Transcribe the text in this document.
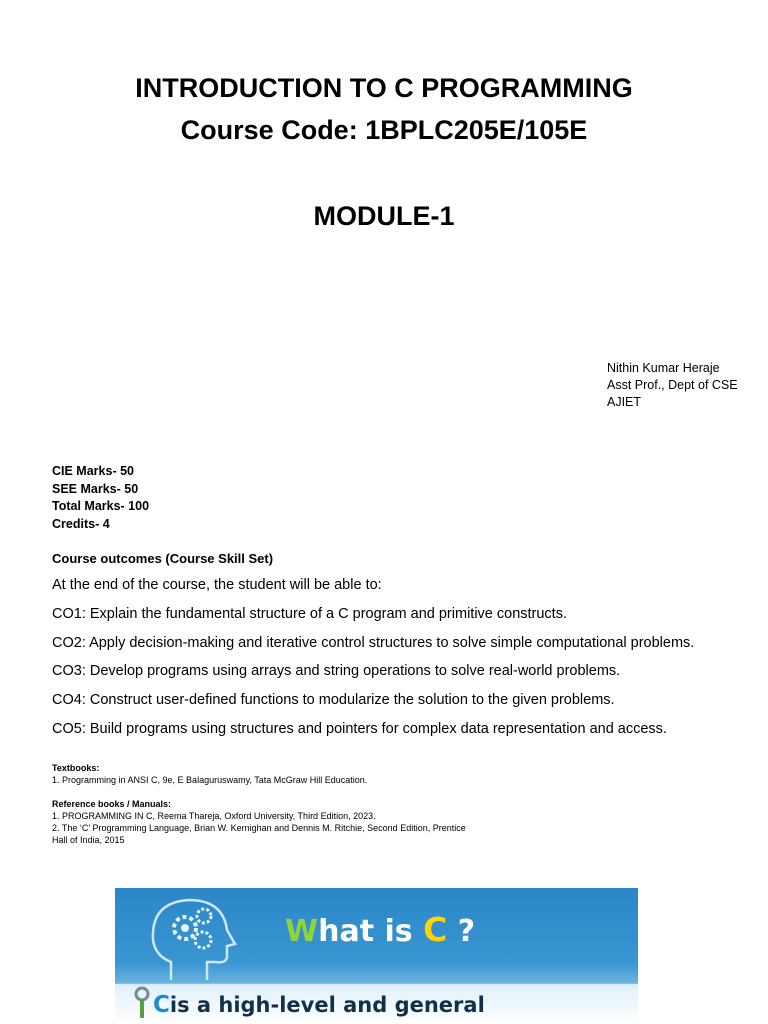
INTRODUCTION TO C PROGRAMMING
Course Code: 1BPLC205E/105E
MODULE-1
Nithin Kumar Heraje
Asst Prof., Dept of CSE
AJIET
CIE Marks- 50
SEE Marks- 50
Total Marks- 100
Credits- 4
Course outcomes (Course Skill Set)
At the end of the course, the student will be able to:
CO1: Explain the fundamental structure of a C program and primitive constructs.
CO2: Apply decision-making and iterative control structures to solve simple computational problems.
CO3: Develop programs using arrays and string operations to solve real-world problems.
CO4: Construct user-defined functions to modularize the solution to the given problems.
CO5: Build programs using structures and pointers for complex data representation and access.
Textbooks:
1. Programming in ANSI C, 9e, E Balaguruswamy, Tata McGraw Hill Education.
Reference books / Manuals:
1. PROGRAMMING IN C, Reema Thareja, Oxford University, Third Edition, 2023.
2. The ‘C’ Programming Language, Brian W. Kernighan and Dennis M. Ritchie, Second Edition, Prentice Hall of India, 2015
What is C ?
Cis a high-level and general
